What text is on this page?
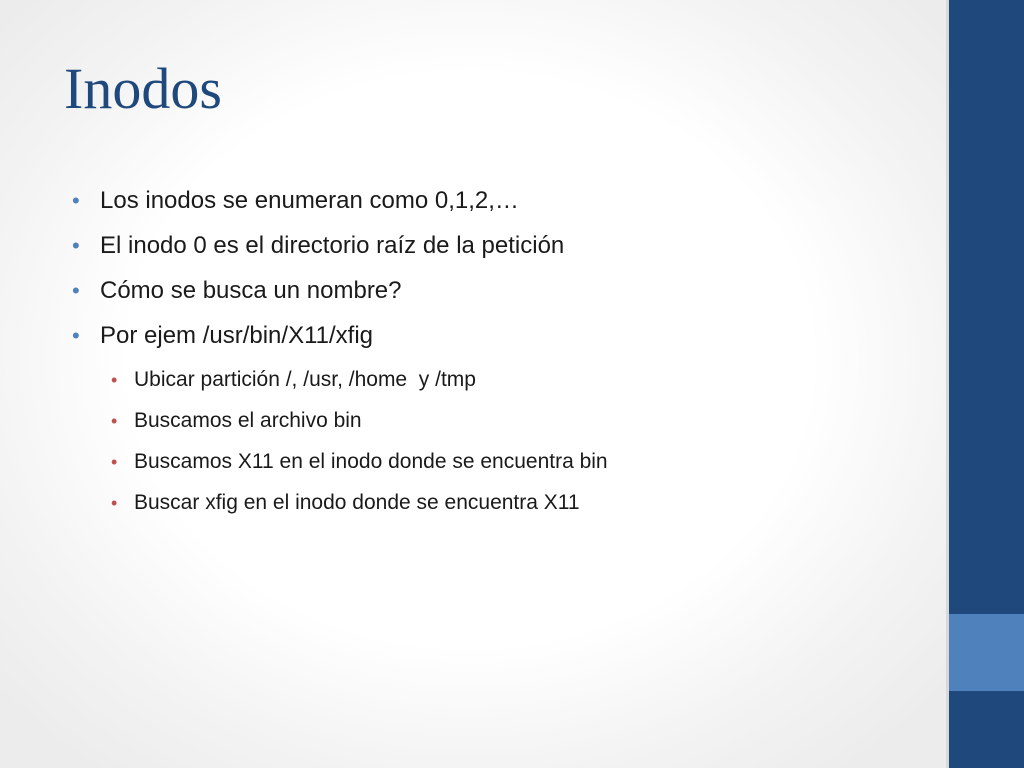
Inodos
• Los inodos se enumeran como 0,1,2,…
• El inodo 0 es el directorio raíz de la petición
• Cómo se busca un nombre?
• Por ejem /usr/bin/X11/xfig
• Ubicar partición /, /usr, /home  y /tmp
• Buscamos el archivo bin
• Buscamos X11 en el inodo donde se encuentra bin
• Buscar xfig en el inodo donde se encuentra X11
